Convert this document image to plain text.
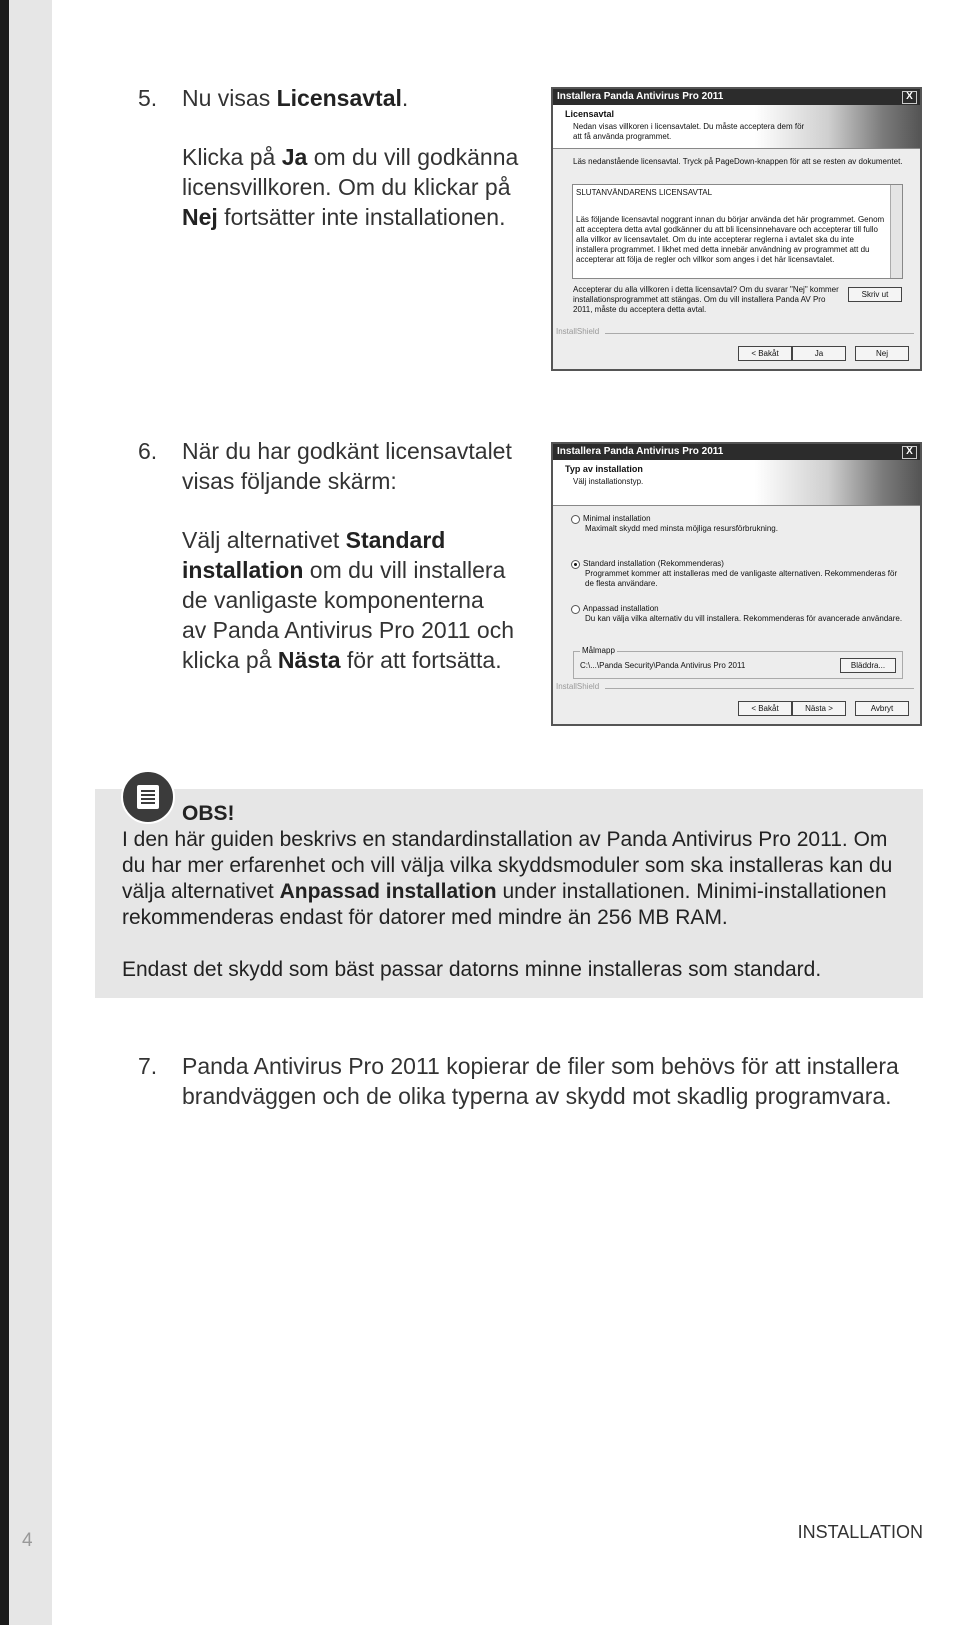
5. Nu visas Licensavtal.

Klicka på Ja om du vill godkänna
licensvillkoren. Om du klickar på
Nej fortsätter inte installationen.

Installera Panda Antivirus Pro 2011	X
Licensavtal
Nedan visas villkoren i licensavtalet. Du måste acceptera dem för att få använda programmet.
Läs nedanstående licensavtal. Tryck på PageDown-knappen för att se resten av dokumentet.
SLUTANVÄNDARENS LICENSAVTAL
Läs följande licensavtal noggrant innan du börjar använda det här programmet. Genom att acceptera detta avtal godkänner du att bli licensinnehavare och accepterar till fullo alla villkor av licensavtalet. Om du inte accepterar reglerna i avtalet ska du inte installera programmet. I likhet med detta innebär användning av programmet att du accepterar att följa de regler och villkor som anges i det här licensavtalet.
Accepterar du alla villkoren i detta licensavtal? Om du svarar "Nej" kommer installationsprogrammet att stängas. Om du vill installera Panda AV Pro 2011, måste du acceptera detta avtal.
Skriv ut
InstallShield
< Bakåt	Ja	Nej
6. När du har godkänt licensavtalet
visas följande skärm:

Välj alternativet Standard
installation om du vill installera
de vanligaste komponenterna
av Panda Antivirus Pro 2011 och
klicka på Nästa för att fortsätta.

Installera Panda Antivirus Pro 2011	X
Typ av installation
Välj installationstyp.
Minimal installation
Maximalt skydd med minsta möjliga resursförbrukning.
Standard installation (Rekommenderas)
Programmet kommer att installeras med de vanligaste alternativen. Rekommenderas för de flesta användare.
Anpassad installation
Du kan välja vilka alternativ du vill installera. Rekommenderas för avancerade användare.
Målmapp
C:\...\Panda Security\Panda Antivirus Pro 2011	Bläddra...
InstallShield
< Bakåt	Nästa >	Avbryt
OBS!

I den här guiden beskrivs en standardinstallation av Panda Antivirus Pro 2011. Om du har mer erfarenhet och vill välja vilka skyddsmoduler som ska installeras kan du välja alternativet Anpassad installation under installationen. Minimi-installationen rekommenderas endast för datorer med mindre än 256 MB RAM.

Endast det skydd som bäst passar datorns minne installeras som standard.

7. Panda Antivirus Pro 2011 kopierar de filer som behövs för att installera
brandväggen och de olika typerna av skydd mot skadlig programvara.

4	INSTALLATION
